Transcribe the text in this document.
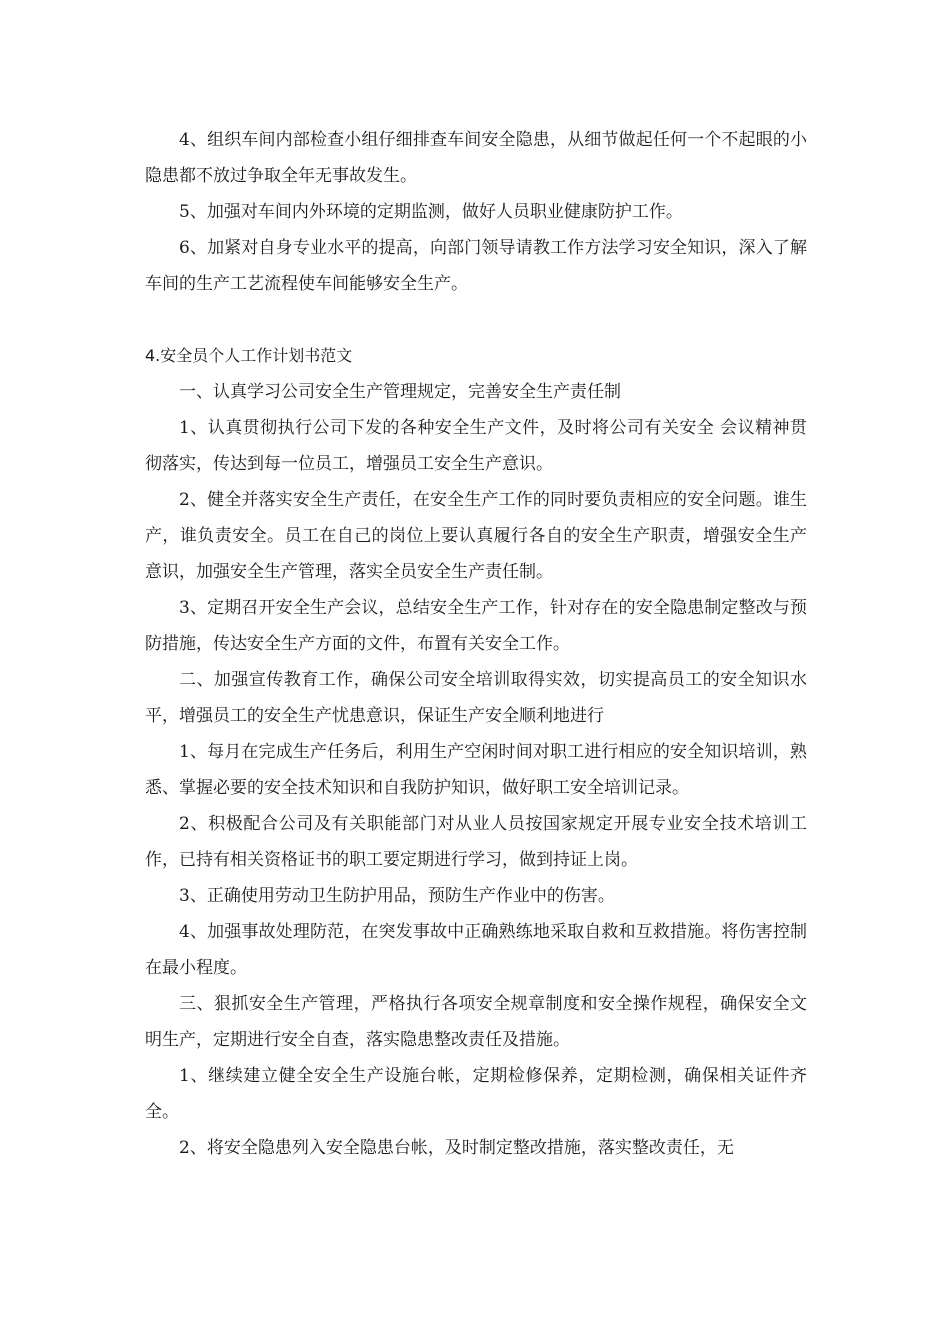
4、组织车间内部检查小组仔细排查车间安全隐患，从细节做起任何一个不起眼的小隐患都不放过争取全年无事故发生。

5、加强对车间内外环境的定期监测，做好人员职业健康防护工作。

6、加紧对自身专业水平的提高，向部门领导请教工作方法学习安全知识，深入了解车间的生产工艺流程使车间能够安全生产。

4.安全员个人工作计划书范文

一、认真学习公司安全生产管理规定，完善安全生产责任制

1、认真贯彻执行公司下发的各种安全生产文件，及时将公司有关安全 会议精神贯彻落实，传达到每一位员工，增强员工安全生产意识。

2、健全并落实安全生产责任，在安全生产工作的同时要负责相应的安全问题。谁生产，谁负责安全。员工在自己的岗位上要认真履行各自的安全生产职责，增强安全生产意识，加强安全生产管理，落实全员安全生产责任制。

3、定期召开安全生产会议，总结安全生产工作，针对存在的安全隐患制定整改与预防措施，传达安全生产方面的文件，布置有关安全工作。

二、加强宣传教育工作，确保公司安全培训取得实效，切实提高员工的安全知识水平，增强员工的安全生产忧患意识，保证生产安全顺利地进行

1、每月在完成生产任务后，利用生产空闲时间对职工进行相应的安全知识培训，熟悉、掌握必要的安全技术知识和自我防护知识，做好职工安全培训记录。

2、积极配合公司及有关职能部门对从业人员按国家规定开展专业安全技术培训工作，已持有相关资格证书的职工要定期进行学习，做到持证上岗。

3、正确使用劳动卫生防护用品，预防生产作业中的伤害。

4、加强事故处理防范，在突发事故中正确熟练地采取自救和互救措施。将伤害控制在最小程度。

三、狠抓安全生产管理，严格执行各项安全规章制度和安全操作规程，确保安全文明生产，定期进行安全自查，落实隐患整改责任及措施。

1、继续建立健全安全生产设施台帐，定期检修保养，定期检测，确保相关证件齐全。

2、将安全隐患列入安全隐患台帐，及时制定整改措施，落实整改责任，无
